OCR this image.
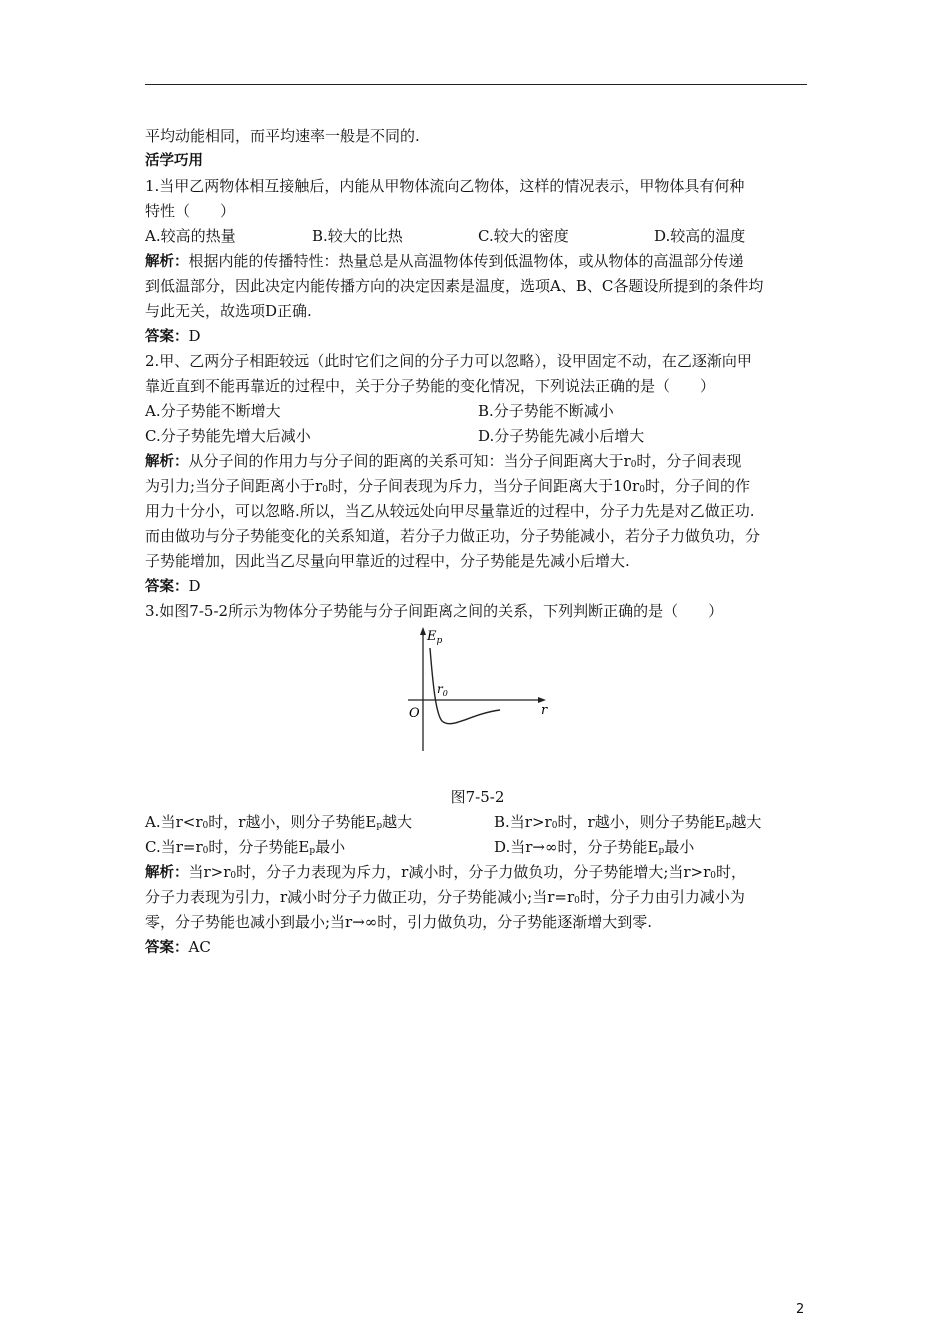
平均动能相同，而平均速率一般是不同的.
活学巧用
1.当甲乙两物体相互接触后，内能从甲物体流向乙物体，这样的情况表示，甲物体具有何种
特性（　　）
A.较高的热量	B.较大的比热	C.较大的密度	D.较高的温度
解析：根据内能的传播特性：热量总是从高温物体传到低温物体，或从物体的高温部分传递
到低温部分，因此决定内能传播方向的决定因素是温度，选项A、B、C各题设所提到的条件均
与此无关，故选项D正确.
答案：D
2.甲、乙两分子相距较远（此时它们之间的分子力可以忽略），设甲固定不动，在乙逐渐向甲
靠近直到不能再靠近的过程中，关于分子势能的变化情况，下列说法正确的是（　　）
A.分子势能不断增大	B.分子势能不断减小
C.分子势能先增大后减小	D.分子势能先减小后增大
解析：从分子间的作用力与分子间的距离的关系可知：当分子间距离大于$r_0$时，分子间表现
为引力;当分子间距离小于$r_0$时，分子间表现为斥力，当分子间距离大于$10r_0$时，分子间的作
用力十分小，可以忽略.所以，当乙从较远处向甲尽量靠近的过程中，分子力先是对乙做正功.
而由做功与分子势能变化的关系知道，若分子力做正功，分子势能减小，若分子力做负功，分
子势能增加，因此当乙尽量向甲靠近的过程中，分子势能是先减小后增大.
答案：D
3.如图7-5-2所示为物体分子势能与分子间距离之间的关系，下列判断正确的是（　　）
$E_p$
$r_0$
O	r
图7-5-2
A.当$r<r_0$时，r越小，则分子势能$E_p$越大	B.当$r>r_0$时，r越小，则分子势能$E_p$越大
C.当$r=r_0$时，分子势能$E_p$最小	D.当r→∞时，分子势能$E_p$最小
解析：当$r>r_0$时，分子力表现为斥力，r减小时，分子力做负功，分子势能增大;当$r>r_0$时，
分子力表现为引力，r减小时分子力做正功，分子势能减小;当$r=r_0$时，分子力由引力减小为
零，分子势能也减小到最小;当r→∞时，引力做负功，分子势能逐渐增大到零.
答案：AC
2
